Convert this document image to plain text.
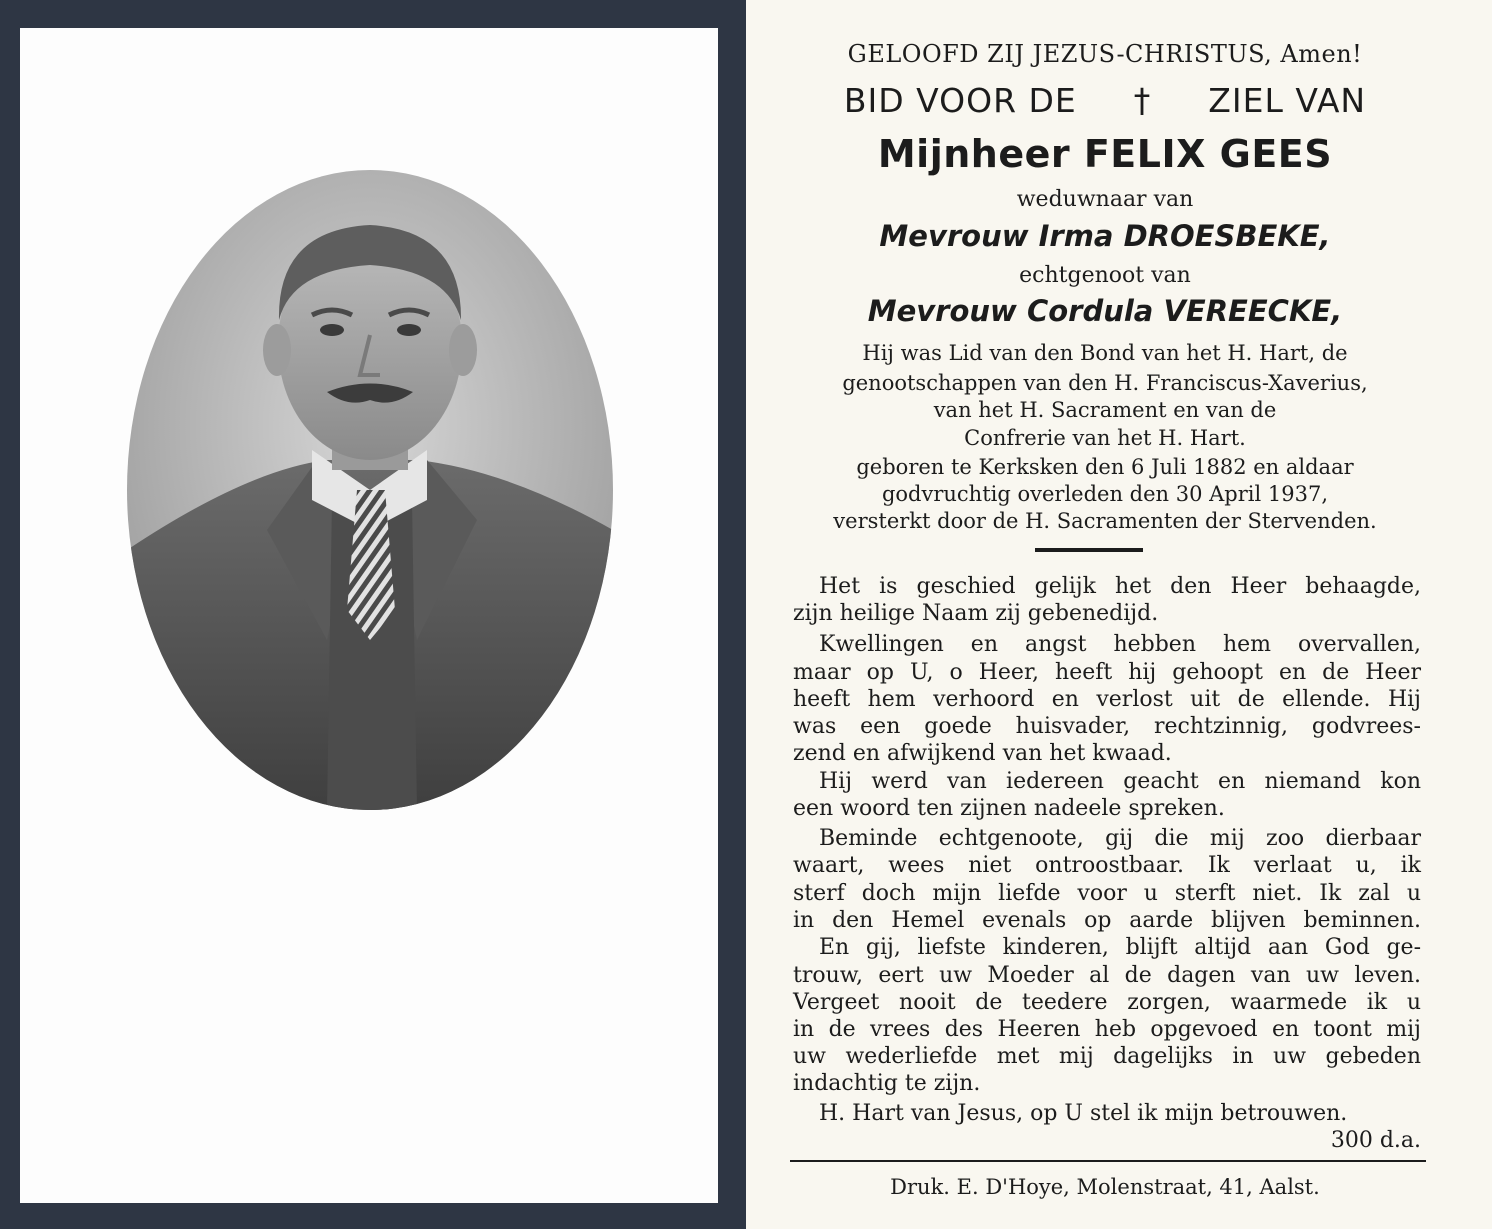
GELOOFD ZIJ JEZUS-CHRISTUS, Amen!
BID VOOR DE † ZIEL VAN
Mijnheer FELIX GEES
weduwnaar van
Mevrouw Irma DROESBEKE,
echtgenoot van
Mevrouw Cordula VEREECKE,
Hij was Lid van den Bond van het H. Hart, de
genootschappen van den H. Franciscus-Xaverius,
van het H. Sacrament en van de
Confrerie van het H. Hart.
geboren te Kerksken den 6 Juli 1882 en aldaar
godvruchtig overleden den 30 April 1937,
versterkt door de H. Sacramenten der Stervenden.
Het is geschied gelijk het den Heer behaagde,
zijn heilige Naam zij gebenedijd.
Kwellingen en angst hebben hem overvallen,
maar op U, o Heer, heeft hij gehoopt en de Heer
heeft hem verhoord en verlost uit de ellende. Hij
was een goede huisvader, rechtzinnig, godvrees-
zend en afwijkend van het kwaad.
Hij werd van iedereen geacht en niemand kon
een woord ten zijnen nadeele spreken.
Beminde echtgenoote, gij die mij zoo dierbaar
waart, wees niet ontroostbaar. Ik verlaat u, ik
sterf doch mijn liefde voor u sterft niet. Ik zal u
in den Hemel evenals op aarde blijven beminnen.
En gij, liefste kinderen, blijft altijd aan God ge-
trouw, eert uw Moeder al de dagen van uw leven.
Vergeet nooit de teedere zorgen, waarmede ik u
in de vrees des Heeren heb opgevoed en toont mij
uw wederliefde met mij dagelijks in uw gebeden
indachtig te zijn.
H. Hart van Jesus, op U stel ik mijn betrouwen.
300 d.a.
Druk. E. D'Hoye, Molenstraat, 41, Aalst.
